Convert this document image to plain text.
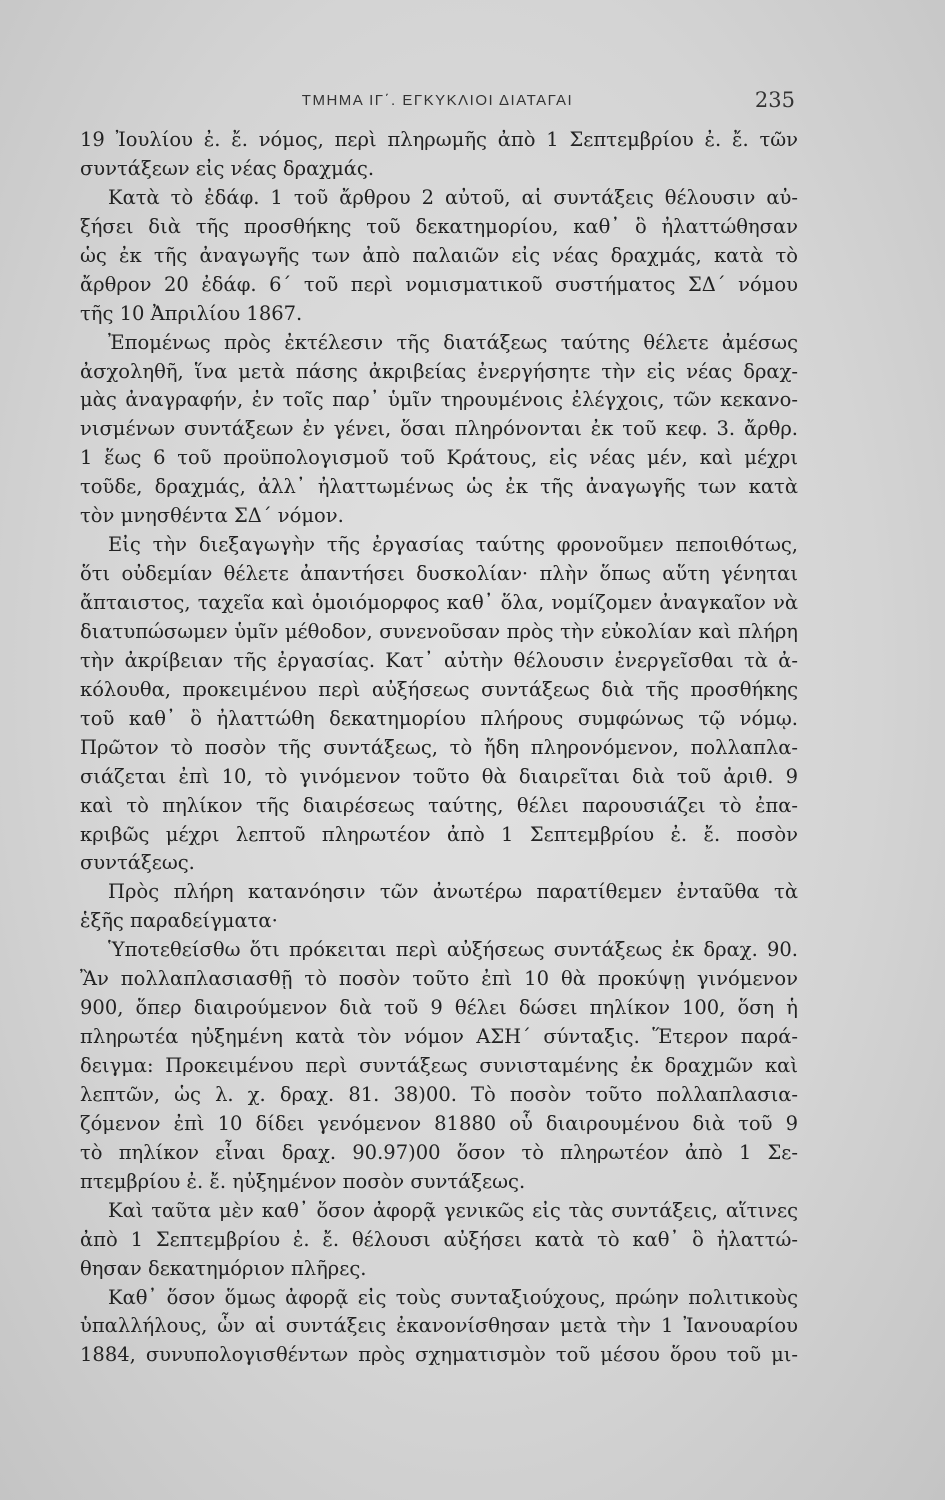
ΤΜΗΜΑ ΙΓ΄. ΕΓΚΥΚΛΙΟΙ ΔΙΑΤΑΓΑΙ	235
19 Ἰουλίου ἐ. ἔ. νόμος, περὶ πληρωμῆς ἀπὸ 1 Σεπτεμβρίου ἐ. ἔ. τῶν
συντάξεων εἰς νέας δραχμάς.
Κατὰ τὸ ἐδάφ. 1 τοῦ ἄρθρου 2 αὐτοῦ, αἱ συντάξεις θέλουσιν αὐ-
ξήσει διὰ τῆς προσθήκης τοῦ δεκατημορίου, καθ᾽ ὃ ἠλαττώθησαν
ὡς ἐκ τῆς ἀναγωγῆς των ἀπὸ παλαιῶν εἰς νέας δραχμάς, κατὰ τὸ
ἄρθρον 20 ἐδάφ. 6΄ τοῦ περὶ νομισματικοῦ συστήματος ΣΔ΄ νόμου
τῆς 10 Ἀπριλίου 1867.
Ἐπομένως πρὸς ἐκτέλεσιν τῆς διατάξεως ταύτης θέλετε ἀμέσως
ἀσχοληθῆ, ἵνα μετὰ πάσης ἀκριβείας ἐνεργήσητε τὴν εἰς νέας δραχ-
μὰς ἀναγραφήν, ἐν τοῖς παρ᾽ ὑμῖν τηρουμένοις ἐλέγχοις, τῶν κεκανο-
νισμένων συντάξεων ἐν γένει, ὅσαι πληρόνονται ἐκ τοῦ κεφ. 3. ἄρθρ.
1 ἕως 6 τοῦ προϋπολογισμοῦ τοῦ Κράτους, εἰς νέας μέν, καὶ μέχρι
τοῦδε, δραχμάς, ἀλλ᾽ ἠλαττωμένως ὡς ἐκ τῆς ἀναγωγῆς των κατὰ
τὸν μνησθέντα ΣΔ΄ νόμον.
Εἰς τὴν διεξαγωγὴν τῆς ἐργασίας ταύτης φρονοῦμεν πεποιθότως,
ὅτι οὐδεμίαν θέλετε ἀπαντήσει δυσκολίαν· πλὴν ὅπως αὕτη γένηται
ἄπταιστος, ταχεῖα καὶ ὁμοιόμορφος καθ᾽ ὅλα, νομίζομεν ἀναγκαῖον νὰ
διατυπώσωμεν ὑμῖν μέθοδον, συνενοῦσαν πρὸς τὴν εὐκολίαν καὶ πλήρη
τὴν ἀκρίβειαν τῆς ἐργασίας. Κατ᾽ αὐτὴν θέλουσιν ἐνεργεῖσθαι τὰ ἀ-
κόλουθα, προκειμένου περὶ αὐξήσεως συντάξεως διὰ τῆς προσθήκης
τοῦ καθ᾽ ὃ ἠλαττώθη δεκατημορίου πλήρους συμφώνως τῷ νόμῳ.
Πρῶτον τὸ ποσὸν τῆς συντάξεως, τὸ ἤδη πληρονόμενον, πολλαπλα-
σιάζεται ἐπὶ 10, τὸ γινόμενον τοῦτο θὰ διαιρεῖται διὰ τοῦ ἀριθ. 9
καὶ τὸ πηλίκον τῆς διαιρέσεως ταύτης, θέλει παρουσιάζει τὸ ἐπα-
κριβῶς μέχρι λεπτοῦ πληρωτέον ἀπὸ 1 Σεπτεμβρίου ἐ. ἔ. ποσὸν
συντάξεως.
Πρὸς πλήρη κατανόησιν τῶν ἀνωτέρω παρατίθεμεν ἐνταῦθα τὰ
ἑξῆς παραδείγματα·
Ὑποτεθείσθω ὅτι πρόκειται περὶ αὐξήσεως συντάξεως ἐκ δραχ. 90.
Ἂν πολλαπλασιασθῇ τὸ ποσὸν τοῦτο ἐπὶ 10 θὰ προκύψῃ γινόμενον
900, ὅπερ διαιρούμενον διὰ τοῦ 9 θέλει δώσει πηλίκον 100, ὅση ἡ
πληρωτέα ηὐξημένη κατὰ τὸν νόμον ΑΣΗ΄ σύνταξις. Ἕτερον παρά-
δειγμα: Προκειμένου περὶ συντάξεως συνισταμένης ἐκ δραχμῶν καὶ
λεπτῶν, ὡς λ. χ. δραχ. 81. 38)00. Τὸ ποσὸν τοῦτο πολλαπλασια-
ζόμενον ἐπὶ 10 δίδει γενόμενον 81880 οὗ διαιρουμένου διὰ τοῦ 9
τὸ πηλίκον εἶναι δραχ. 90.97)00 ὅσον τὸ πληρωτέον ἀπὸ 1 Σε-
πτεμβρίου ἐ. ἔ. ηὐξημένον ποσὸν συντάξεως.
Καὶ ταῦτα μὲν καθ᾽ ὅσον ἀφορᾷ γενικῶς εἰς τὰς συντάξεις, αἵτινες
ἀπὸ 1 Σεπτεμβρίου ἐ. ἔ. θέλουσι αὐξήσει κατὰ τὸ καθ᾽ ὃ ἠλαττώ-
θησαν δεκατημόριον πλῆρες.
Καθ᾽ ὅσον ὅμως ἀφορᾷ εἰς τοὺς συνταξιούχους, πρώην πολιτικοὺς
ὑπαλλήλους, ὧν αἱ συντάξεις ἐκανονίσθησαν μετὰ τὴν 1 Ἰανουαρίου
1884, συνυπολογισθέντων πρὸς σχηματισμὸν τοῦ μέσου ὅρου τοῦ μι-
